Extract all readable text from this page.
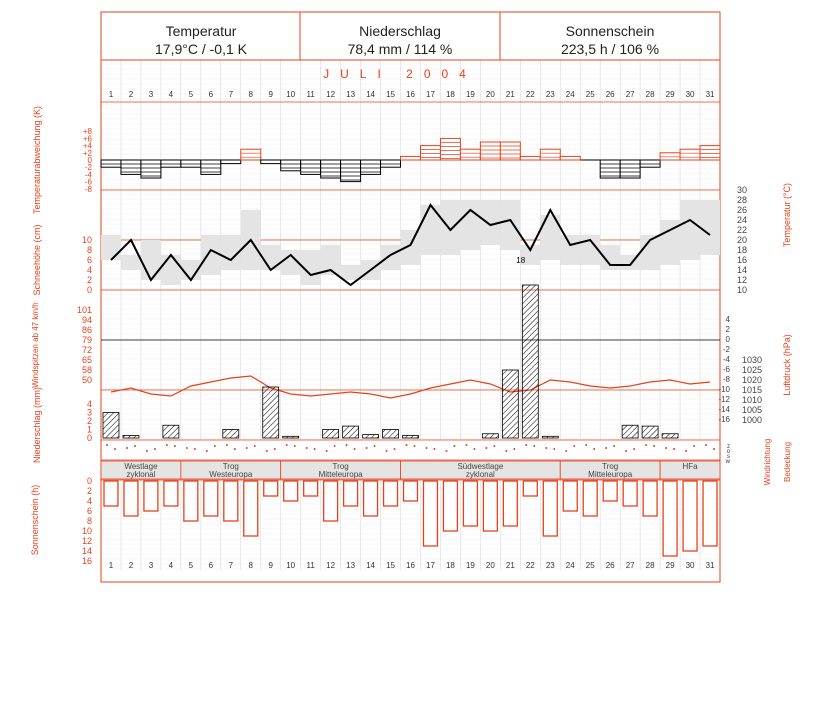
Temperatur
17,9°C / -0,1 K
Niederschlag
78,4 mm / 114 %
Sonnenschein
223,5 h / 106 %
Westlage
zyklonal
Trog
Westeuropa
Trog
Mitteleuropa
Südwestlage
zyklonal
Trog
Mitteleuropa
HFa
JULI 2004
1
1
2
2
3
3
4
4
5
5
6
6
7
7
8
8
9
9
10
10
11
11
12
12
13
13
14
14
15
15
16
16
17
17
18
18
19
19
20
20
21
21
22
22
23
23
24
24
25
25
26
26
27
27
28
28
29
29
30
30
31
31
+8
+6
+4
+2
0
-2
-4
-6
-8
Temperaturabweichung (K)	30
28
26
24
22
20
18
16
14
12
10
Temperatur (°C)
10
8
6
4
2
0
Schneehöhe (cm)
101
94
86
79
72
65
58
50
Windspitzen ab 47 km/h	1030
1025
1020
1015
1010
1005
1000
4
2
0
-2
-4
-6
-8
-10
-12
-14
-16
Luftdruck (hPa)
4
3
2
1
0
18
Niederschlag (mm)	z
o
s
w	Windrichtung Bedeckung
0
2
4
6
8
10
12
14
16
Sonnenschein (h)
